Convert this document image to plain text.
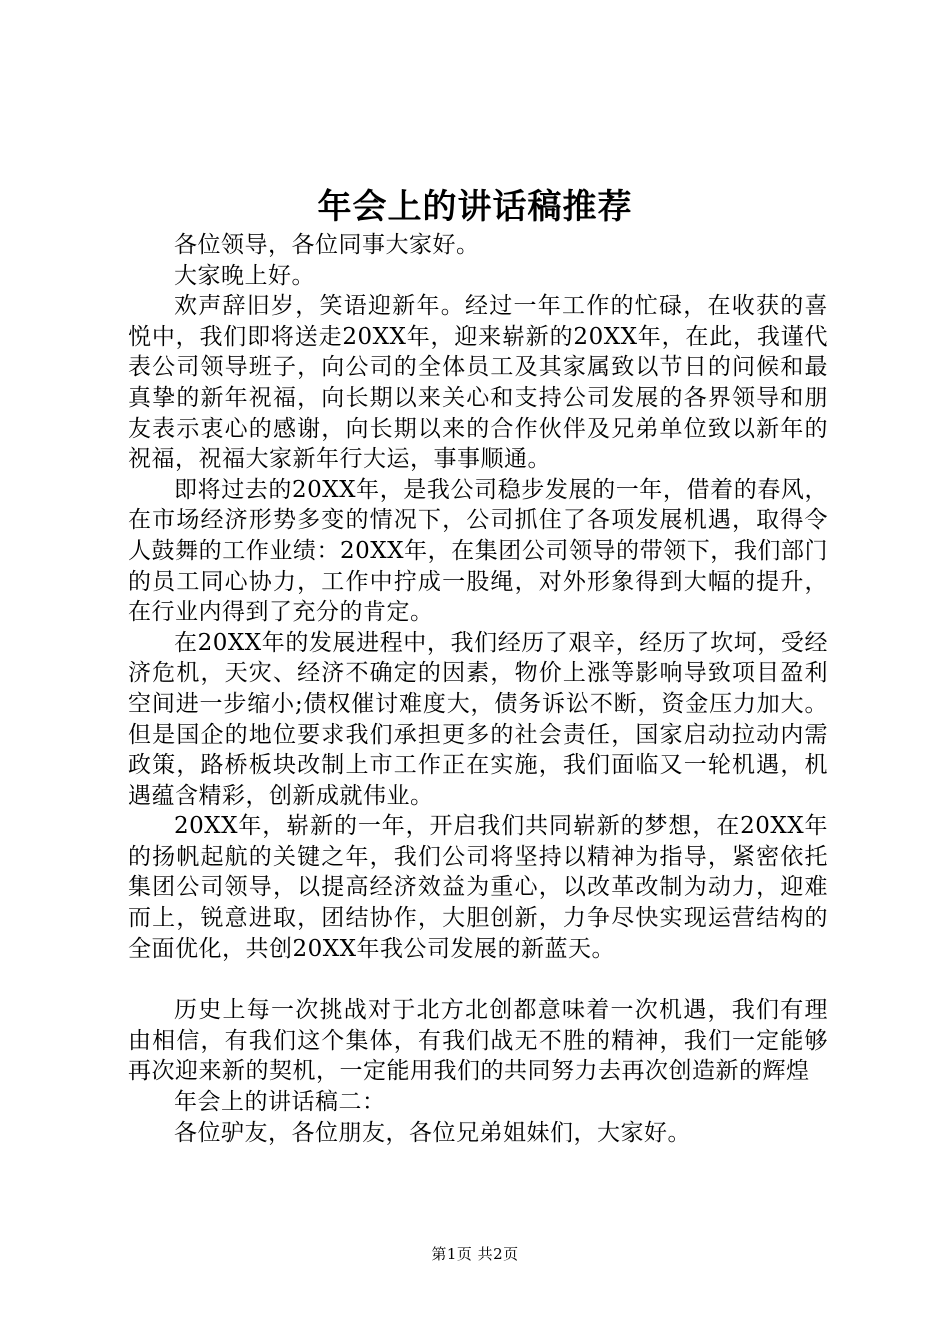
年会上的讲话稿推荐

各位领导，各位同事大家好。

大家晚上好。

欢声辞旧岁，笑语迎新年。经过一年工作的忙碌，在收获的喜悦中，我们即将送走20XX年，迎来崭新的20XX年，在此，我谨代表公司领导班子，向公司的全体员工及其家属致以节日的问候和最真挚的新年祝福，向长期以来关心和支持公司发展的各界领导和朋友表示衷心的感谢，向长期以来的合作伙伴及兄弟单位致以新年的祝福，祝福大家新年行大运，事事顺通。

即将过去的20XX年，是我公司稳步发展的一年，借着的春风，在市场经济形势多变的情况下，公司抓住了各项发展机遇，取得令人鼓舞的工作业绩：20XX年，在集团公司领导的带领下，我们部门的员工同心协力，工作中拧成一股绳，对外形象得到大幅的提升，在行业内得到了充分的肯定。

在20XX年的发展进程中，我们经历了艰辛，经历了坎坷，受经济危机，天灾、经济不确定的因素，物价上涨等影响导致项目盈利空间进一步缩小;债权催讨难度大，债务诉讼不断，资金压力加大。但是国企的地位要求我们承担更多的社会责任，国家启动拉动内需政策，路桥板块改制上市工作正在实施，我们面临又一轮机遇，机遇蕴含精彩，创新成就伟业。

20XX年，崭新的一年，开启我们共同崭新的梦想，在20XX年的扬帆起航的关键之年，我们公司将坚持以精神为指导，紧密依托集团公司领导，以提高经济效益为重心，以改革改制为动力，迎难而上，锐意进取，团结协作，大胆创新，力争尽快实现运营结构的全面优化，共创20XX年我公司发展的新蓝天。

历史上每一次挑战对于北方北创都意味着一次机遇，我们有理由相信，有我们这个集体，有我们战无不胜的精神，我们一定能够再次迎来新的契机，一定能用我们的共同努力去再次创造新的辉煌

年会上的讲话稿二：

各位驴友，各位朋友，各位兄弟姐妹们，大家好。

第1页 共2页
